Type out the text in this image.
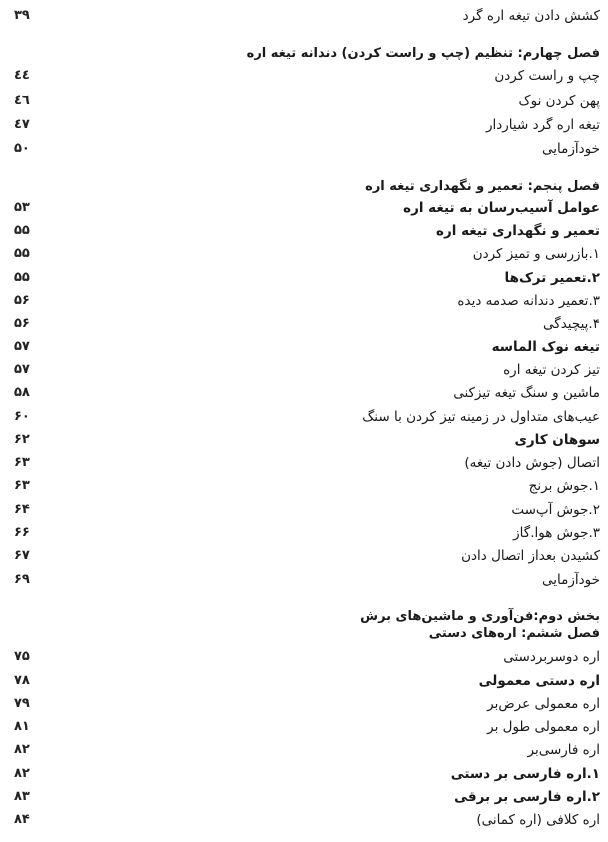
کشش دادن تیغه اره گرد
۳۹
فصل چهارم: تنظیم (چپ و راست کردن) دندانه تیغه اره
چپ و راست کردن
٤٤
پهن کردن نوک
٤٦
تیغه اره گرد شیاردار
٤٧
خودآزمایی
۵۰
فصل پنجم: تعمیر و نگهداری تیغه اره
عوامل آسیب‌رسان به تیغه اره
۵۳
تعمیر و نگهداری تیغه اره
۵۵
۱.بازرسی و تمیز کردن
۵۵
۲.تعمیر ترک‌ها
۵۵
۳.تعمیر دندانه صدمه دیده
۵۶
۴.پیچیدگی
۵۶
تیغه نوک الماسه
۵۷
تیز کردن تیغه اره
۵۷
ماشین و سنگ تیغه تیزکنی
۵۸
عیب‌های متداول در زمینه تیز کردن با سنگ
۶۰
سوهان کاری
۶۲
اتصال (جوش دادن تیغه)
۶۳
۱.جوش برنج
۶۳
۲.جوش آپ‌ست
۶۴
۳.جوش هوا.گاز
۶۶
کشیدن بعداز اتصال دادن
۶۷
خودآزمایی
۶۹
بخش دوم:فن‌آوری و ماشین‌های برش
فصل ششم: اره‌های دستی
اره دوسربردستی
۷۵
اره دستی معمولی
۷۸
اره معمولی عرض‌بر
۷۹
اره معمولی طول بر
۸۱
اره فارسی‌بر
۸۲
۱.اره فارسی بر دستی
۸۲
۲.اره فارسی بر برقی
۸۳
اره کلافی (اره کمانی)
۸۴
